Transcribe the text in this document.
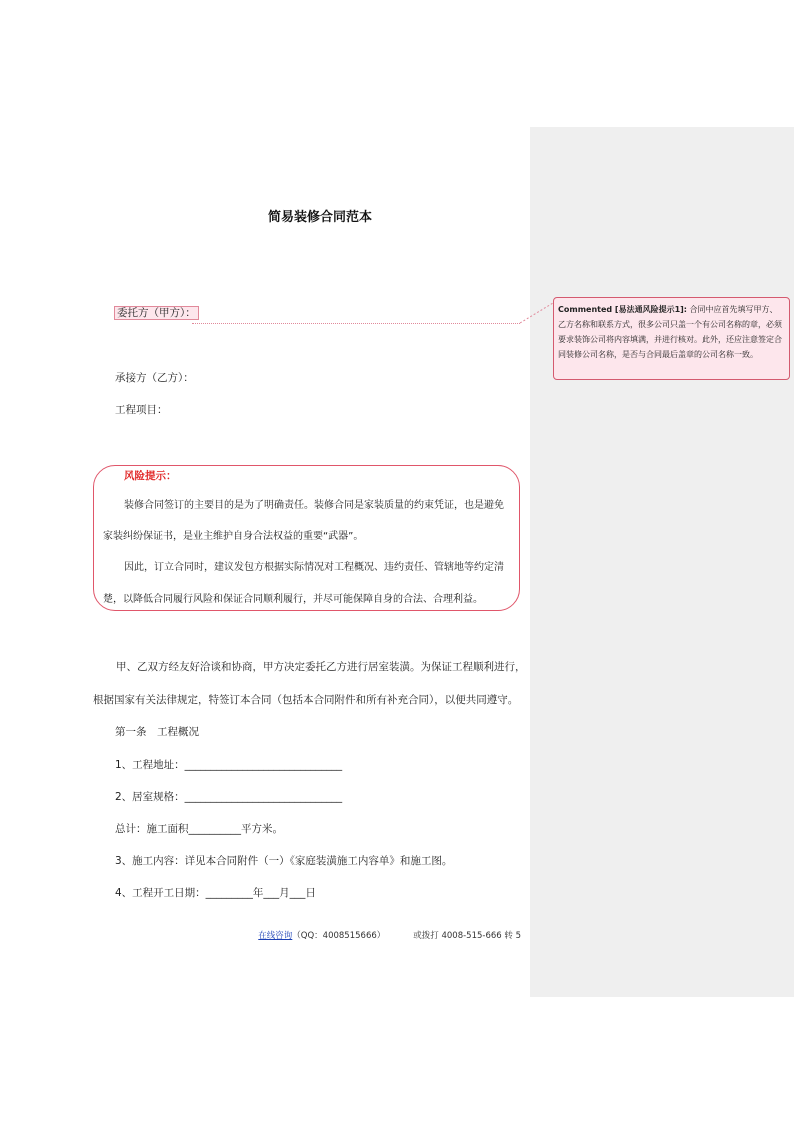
简易装修合同范本
委托方（甲方）：	Commented [易法通风险提示1]: 合同中应首先填写甲方、乙方名称和联系方式，很多公司只盖一个有公司名称的章，必须要求装饰公司将内容填满，并进行核对。此外，还应注意签定合同装修公司名称，是否与合同最后盖章的公司名称一致。
承接方（乙方）：
工程项目：
风险提示：
装修合同签订的主要目的是为了明确责任。装修合同是家装质量的约束凭证，也是避免
家装纠纷保证书，是业主维护自身合法权益的重要“武器”。
因此，订立合同时，建议发包方根据实际情况对工程概况、违约责任、管辖地等约定清
楚，以降低合同履行风险和保证合同顺利履行，并尽可能保障自身的合法、合理利益。
甲、乙双方经友好洽谈和协商，甲方决定委托乙方进行居室装潢。为保证工程顺利进行，
根据国家有关法律规定，特签订本合同（包括本合同附件和所有补充合同），以便共同遵守。
第一条　工程概况
1、工程地址：______________________________
2、居室规格：______________________________
总计：施工面积__________平方米。
3、施工内容：详见本合同附件（一）《家庭装潢施工内容单》和施工图。
4、工程开工日期：_________年___月___日
在线咨询（QQ：4008515666）	或拨打 4008-515-666 转 5
